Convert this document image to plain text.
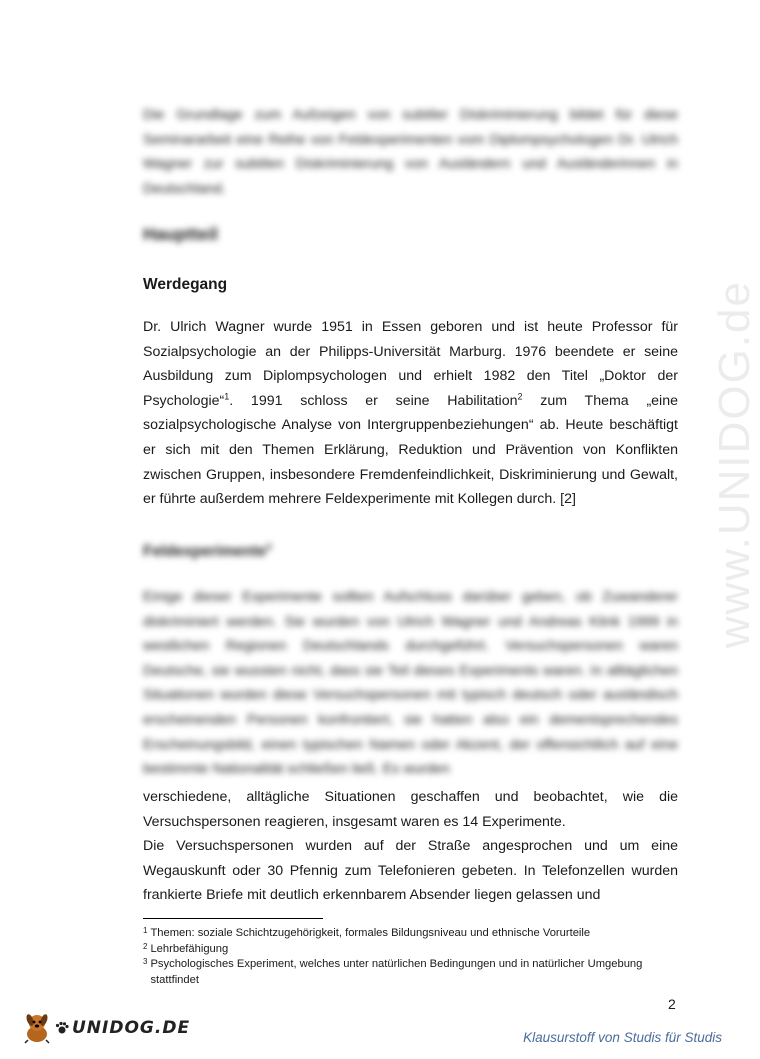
www.UNIDOG.de
Die Grundlage zum Aufzeigen von subtiler Diskriminierung bildet für diese Seminararbeit eine Reihe von Feldexperimenten vom Diplompsychologen Dr. Ulrich Wagner zur subtilen Diskriminierung von Ausländern und Ausländerinnen in Deutschland.
Hauptteil
Werdegang
Dr. Ulrich Wagner wurde 1951 in Essen geboren und ist heute Professor für Sozialpsychologie an der Philipps-Universität Marburg. 1976 beendete er seine Ausbildung zum Diplompsychologen und erhielt 1982 den Titel „Doktor der Psychologie“$^1$. 1991 schloss er seine Habilitation$^2$ zum Thema „eine sozialpsychologische Analyse von Intergruppenbeziehungen“ ab. Heute beschäftigt er sich mit den Themen Erklärung, Reduktion und Prävention von Konflikten zwischen Gruppen, insbesondere Fremdenfeindlichkeit, Diskriminierung und Gewalt, er führte außerdem mehrere Feldexperimente mit Kollegen durch. [2]
Feldexperimente$^3$
Einige dieser Experimente sollten Aufschluss darüber geben, ob Zuwanderer diskriminiert werden. Sie wurden von Ulrich Wagner und Andreas Klink 1999 in westlichen Regionen Deutschlands durchgeführt. Versuchspersonen waren Deutsche, sie wussten nicht, dass sie Teil dieses Experiments waren. In alltäglichen Situationen wurden diese Versuchspersonen mit typisch deutsch oder ausländisch erscheinenden Personen konfrontiert, sie hatten also ein dementsprechendes Erscheinungsbild, einen typischen Namen oder Akzent, der offensichtlich auf eine bestimmte Nationalität schließen ließ. Es wurden
verschiedene, alltägliche Situationen geschaffen und beobachtet, wie die
Versuchspersonen reagieren, insgesamt waren es 14 Experimente.
Die Versuchspersonen wurden auf der Straße angesprochen und um eine Wegauskunft oder 30 Pfennig zum Telefonieren gebeten. In Telefonzellen wurden frankierte Briefe mit deutlich erkennbarem Absender liegen gelassen und
1 Themen: soziale Schichtzugehörigkeit, formales Bildungsniveau und ethnische Vorurteile
2 Lehrbefähigung
3 Psychologisches Experiment, welches unter natürlichen Bedingungen und in natürlicher Umgebung stattfindet
2
UNIDOG.DE	Klausurstoff von Studis für Studis
